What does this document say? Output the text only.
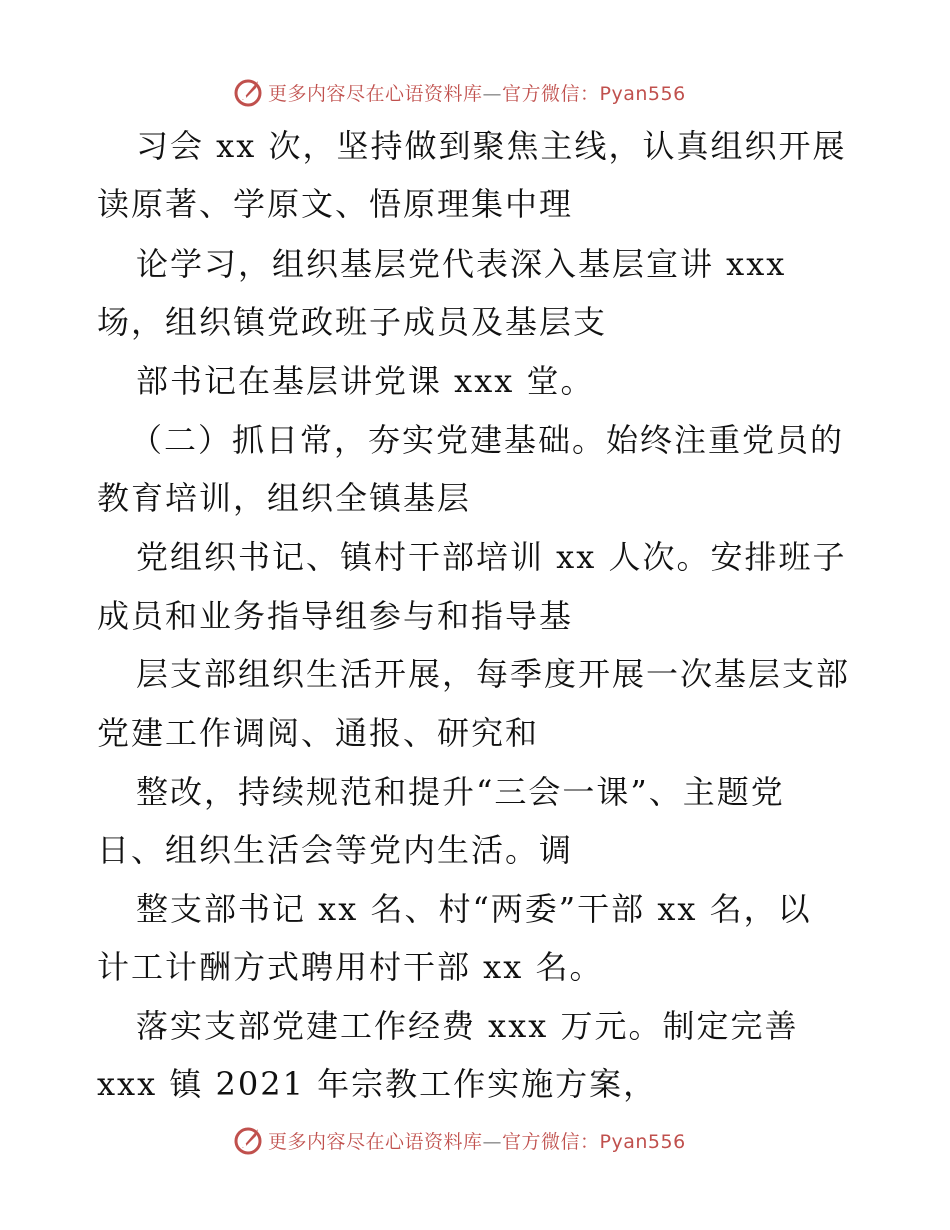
更多内容尽在心语资料库—官方微信：Pyan556
习会 xx 次，坚持做到聚焦主线，认真组织开展
读原著、学原文、悟原理集中理
论学习，组织基层党代表深入基层宣讲 xxx
场，组织镇党政班子成员及基层支
部书记在基层讲党课 xxx 堂。
（二）抓日常，夯实党建基础。始终注重党员的
教育培训，组织全镇基层
党组织书记、镇村干部培训 xx 人次。安排班子
成员和业务指导组参与和指导基
层支部组织生活开展，每季度开展一次基层支部
党建工作调阅、通报、研究和
整改，持续规范和提升“三会一课”、主题党
日、组织生活会等党内生活。调
整支部书记 xx 名、村“两委”干部 xx 名，以
计工计酬方式聘用村干部 xx 名。
落实支部党建工作经费 xxx 万元。制定完善
xxx 镇 2021 年宗教工作实施方案，
更多内容尽在心语资料库—官方微信：Pyan556
